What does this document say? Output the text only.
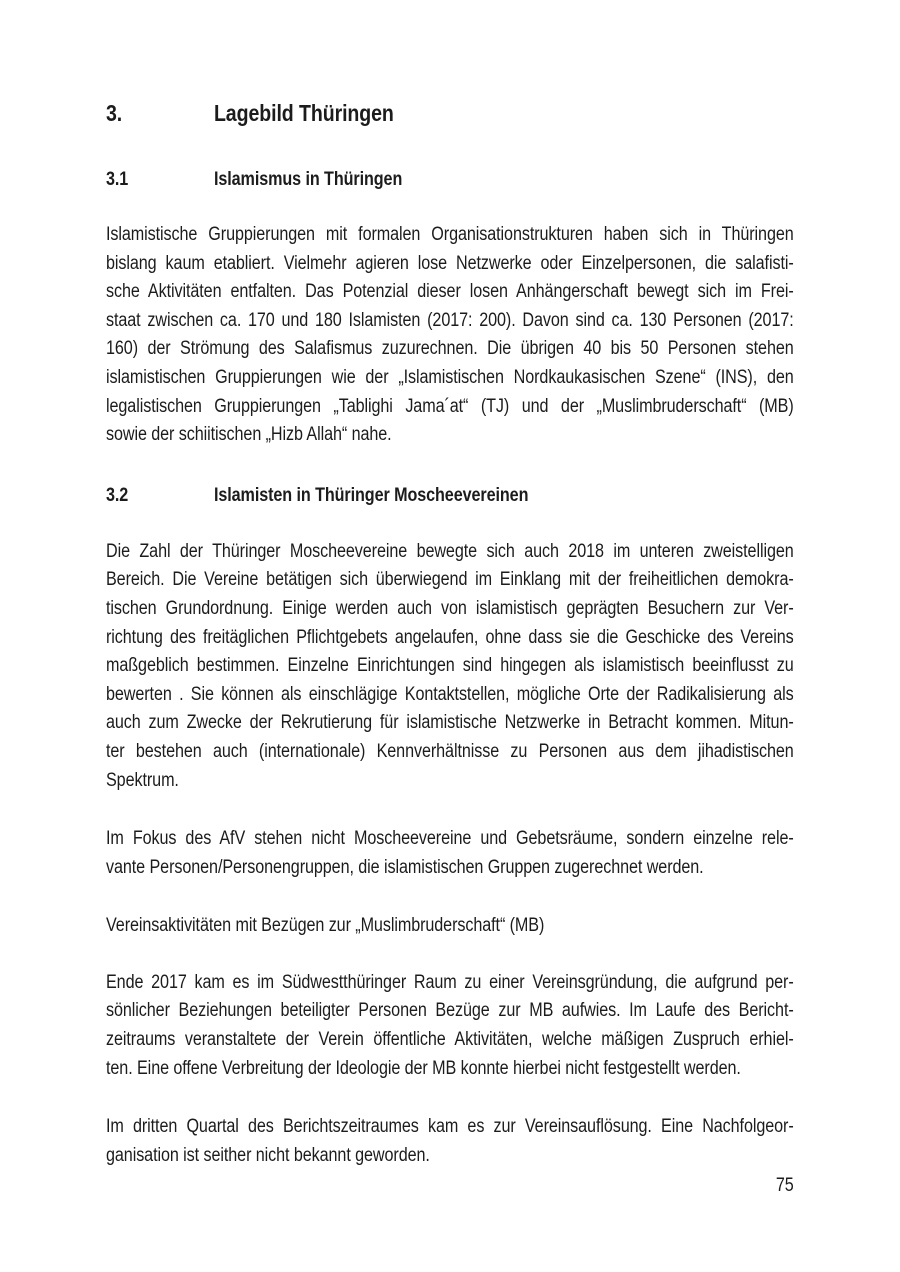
3.	Lagebild Thüringen
3.1	Islamismus in Thüringen
Islamistische Gruppierungen mit formalen Organisationstrukturen haben sich in Thüringen
bislang kaum etabliert. Vielmehr agieren lose Netzwerke oder Einzelpersonen, die salafisti-
sche Aktivitäten entfalten. Das Potenzial dieser losen Anhängerschaft bewegt sich im Frei-
staat zwischen ca. 170 und 180 Islamisten (2017: 200). Davon sind ca. 130 Personen (2017:
160) der Strömung des Salafismus zuzurechnen. Die übrigen 40 bis 50 Personen stehen
islamistischen Gruppierungen wie der „Islamistischen Nordkaukasischen Szene“ (INS), den
legalistischen Gruppierungen „Tablighi Jama´at“ (TJ) und der „Muslimbruderschaft“ (MB)
sowie der schiitischen „Hizb Allah“ nahe.
3.2	Islamisten in Thüringer Moscheevereinen
Die Zahl der Thüringer Moscheevereine bewegte sich auch 2018 im unteren zweistelligen
Bereich. Die Vereine betätigen sich überwiegend im Einklang mit der freiheitlichen demokra-
tischen Grundordnung. Einige werden auch von islamistisch geprägten Besuchern zur Ver-
richtung des freitäglichen Pflichtgebets angelaufen, ohne dass sie die Geschicke des Vereins
maßgeblich bestimmen. Einzelne Einrichtungen sind hingegen als islamistisch beeinflusst zu
bewerten . Sie können als einschlägige Kontaktstellen, mögliche Orte der Radikalisierung als
auch zum Zwecke der Rekrutierung für islamistische Netzwerke in Betracht kommen. Mitun-
ter bestehen auch (internationale) Kennverhältnisse zu Personen aus dem jihadistischen
Spektrum.
Im Fokus des AfV stehen nicht Moscheevereine und Gebetsräume, sondern einzelne rele-
vante Personen/Personengruppen, die islamistischen Gruppen zugerechnet werden.
Vereinsaktivitäten mit Bezügen zur „Muslimbruderschaft“ (MB)
Ende 2017 kam es im Südwestthüringer Raum zu einer Vereinsgründung, die aufgrund per-
sönlicher Beziehungen beteiligter Personen Bezüge zur MB aufwies. Im Laufe des Bericht-
zeitraums veranstaltete der Verein öffentliche Aktivitäten, welche mäßigen Zuspruch erhiel-
ten. Eine offene Verbreitung der Ideologie der MB konnte hierbei nicht festgestellt werden.
Im dritten Quartal des Berichtszeitraumes kam es zur Vereinsauflösung. Eine Nachfolgeor-
ganisation ist seither nicht bekannt geworden.
75
